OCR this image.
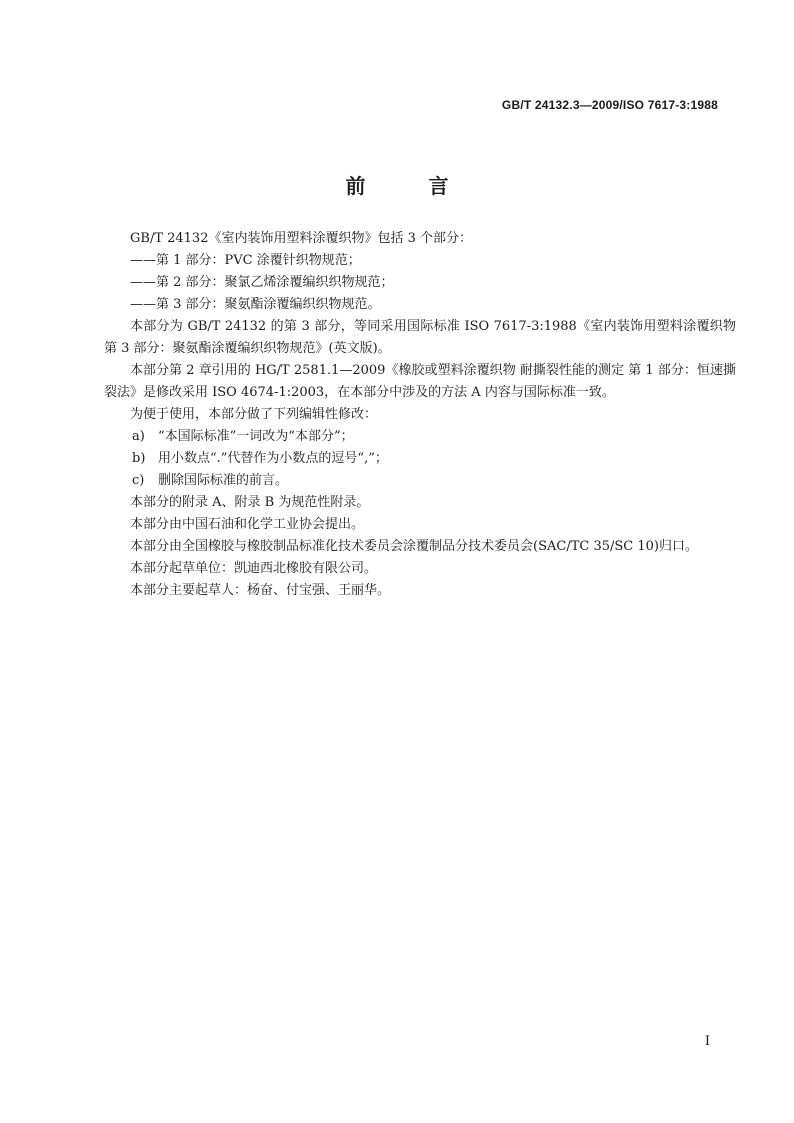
GB/T 24132.3—2009/ISO 7617-3:1988
前 言

GB/T 24132《室内装饰用塑料涂覆织物》包括 3 个部分：

——第 1 部分：PVC 涂覆针织物规范；

——第 2 部分：聚氯乙烯涂覆编织织物规范；

——第 3 部分：聚氨酯涂覆编织织物规范。

本部分为 GB/T 24132 的第 3 部分，等同采用国际标准 ISO 7617-3:1988《室内装饰用塑料涂覆织物 第 3 部分：聚氨酯涂覆编织织物规范》(英文版)。

本部分第 2 章引用的 HG/T 2581.1—2009《橡胶或塑料涂覆织物 耐撕裂性能的测定 第 1 部分：恒速撕裂法》是修改采用 ISO 4674-1:2003，在本部分中涉及的方法 A 内容与国际标准一致。

为便于使用，本部分做了下列编辑性修改：

a) “本国际标准”一词改为“本部分”；

b) 用小数点“.”代替作为小数点的逗号“,”；

c) 删除国际标准的前言。

本部分的附录 A、附录 B 为规范性附录。

本部分由中国石油和化学工业协会提出。

本部分由全国橡胶与橡胶制品标准化技术委员会涂覆制品分技术委员会(SAC/TC 35/SC 10)归口。

本部分起草单位：凯迪西北橡胶有限公司。

本部分主要起草人：杨奋、付宝强、王丽华。

I
